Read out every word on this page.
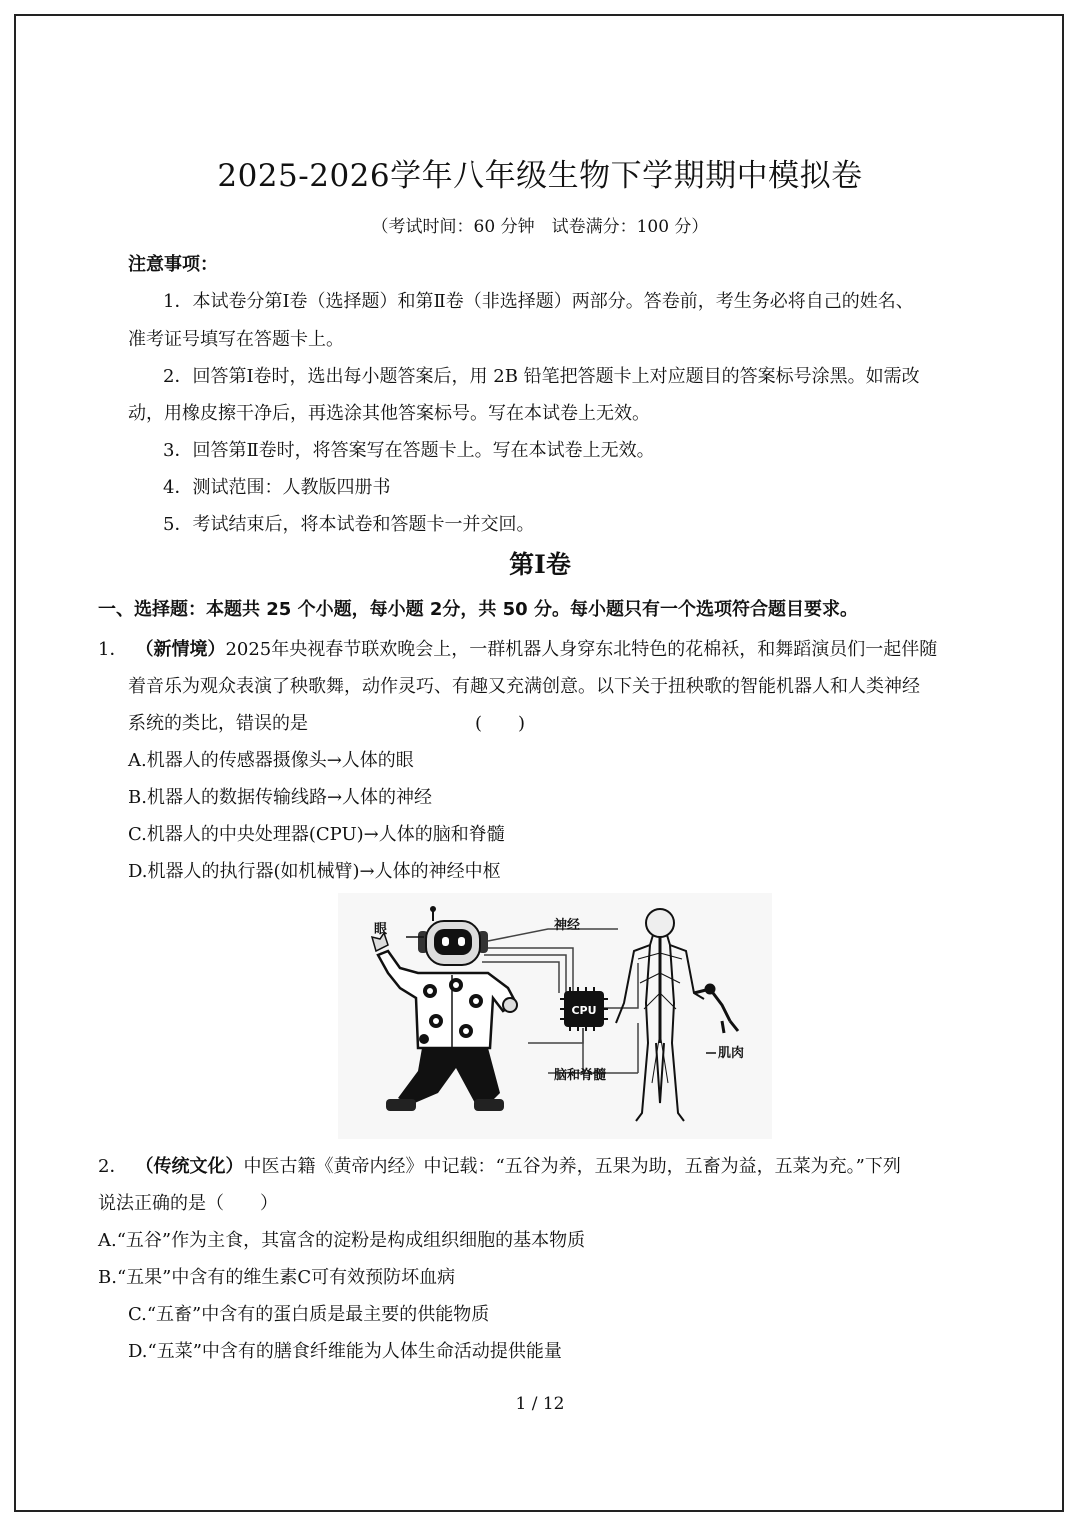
2025-2026学年八年级生物下学期期中模拟卷
（考试时间：60 分钟　试卷满分：100 分）
注意事项：
1．本试卷分第Ⅰ卷（选择题）和第Ⅱ卷（非选择题）两部分。答卷前，考生务必将自己的姓名、
准考证号填写在答题卡上。
2．回答第Ⅰ卷时，选出每小题答案后，用 2B 铅笔把答题卡上对应题目的答案标号涂黑。如需改
动，用橡皮擦干净后，再选涂其他答案标号。写在本试卷上无效。
3．回答第Ⅱ卷时，将答案写在答题卡上。写在本试卷上无效。
4．测试范围：人教版四册书
5．考试结束后，将本试卷和答题卡一并交回。
第Ⅰ卷
一、选择题：本题共 25 个小题，每小题 2分，共 50 分。每小题只有一个选项符合题目要求。
1． （新情境）2025年央视春节联欢晚会上，一群机器人身穿东北特色的花棉袄，和舞蹈演员们一起伴随
着音乐为观众表演了秧歌舞，动作灵巧、有趣又充满创意。以下关于扭秧歌的智能机器人和人类神经
系统的类比，错误的是	(　　)
A.机器人的传感器摄像头→人体的眼
B.机器人的数据传输线路→人体的神经
C.机器人的中央处理器(CPU)→人体的脑和脊髓
D.机器人的执行器(如机械臂)→人体的神经中枢
CPU
眼	神经
肌肉
脑和脊髓
2． （传统文化）中医古籍《黄帝内经》中记载：“五谷为养，五果为助，五畜为益，五菜为充。”下列
说法正确的是（　　）
A.“五谷”作为主食，其富含的淀粉是构成组织细胞的基本物质
B.“五果”中含有的维生素C可有效预防坏血病
C.“五畜”中含有的蛋白质是最主要的供能物质
D.“五菜”中含有的膳食纤维能为人体生命活动提供能量
1 / 12
